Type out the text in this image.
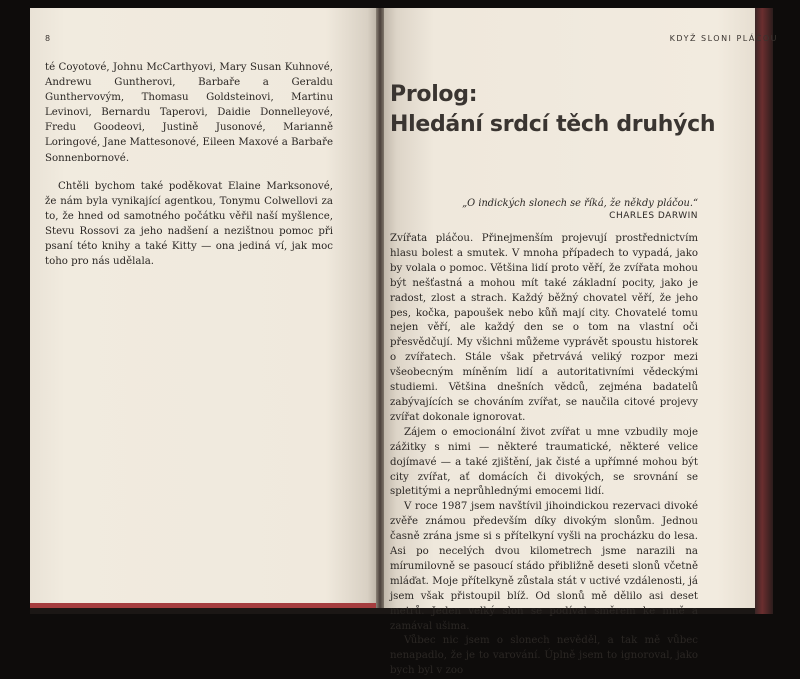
8	KDYŽ SLONI PLÁČOU

té Coyotové, Johnu McCarthyovi, Mary Susan Kuhnové, Andrewu Guntherovi, Barbaře a Geraldu Gunthervovým, Thomasu Goldsteinovi, Martinu Levinovi, Bernardu Taperovi, Daidie Donnelleyové, Fredu Goodeovi, Justině Jusonové, Marianně Loringové, Jane Mattesonové, Eileen Maxové a Barbaře Sonnenbornové.

Chtěli bychom také poděkovat Elaine Marksonové, že nám byla vynikající agentkou, Tonymu Colwellovi za to, že hned od samotného počátku věřil naší myšlence, Stevu Rossovi za jeho nadšení a nezištnou pomoc při psaní této knihy a také Kitty — ona jediná ví, jak moc toho pro nás udělala.

Prolog:
Hledání srdcí těch druhých
„O indických slonech se říká, že někdy pláčou.“
CHARLES DARWIN

Zvířata pláčou. Přinejmenším projevují prostřednictvím hlasu bolest a smutek. V mnoha případech to vypadá, jako by volala o pomoc. Většina lidí proto věří, že zvířata mohou být nešťastná a mohou mít také základní pocity, jako je radost, zlost a strach. Každý běžný chovatel věří, že jeho pes, kočka, papoušek nebo kůň mají city. Chovatelé tomu nejen věří, ale každý den se o tom na vlastní oči přesvědčují. My všichni můžeme vyprávět spoustu historek o zvířatech. Stále však přetrvává veliký rozpor mezi všeobecným míněním lidí a autoritativními vědeckými studiemi. Většina dnešních vědců, zejména badatelů zabývajících se chováním zvířat, se naučila citové projevy zvířat dokonale ignorovat.

Zájem o emocionální život zvířat u mne vzbudily moje zážitky s nimi — některé traumatické, některé velice dojímavé — a také zjištění, jak čisté a upřímné mohou být city zvířat, ať domácích či divokých, se srovnání se spletitými a neprůhlednými emocemi lidí.

V roce 1987 jsem navštívil jihoindickou rezervaci divoké zvěře známou především díky divokým slonům. Jednou časně zrána jsme si s přítelkyní vyšli na procházku do lesa. Asi po necelých dvou kilometrech jsme narazili na mírumilovně se pasoucí stádo přibližně deseti slonů včetně mláďat. Moje přítelkyně zůstala stát v uctivé vzdálenosti, já jsem však přistoupil blíž. Od slonů mě dělilo asi deset metrů. Jeden velký slon se podíval směrem ke mně a zamával ušima.

Vůbec nic jsem o slonech nevěděl, a tak mě vůbec nenapadlo, že je to varování. Úplně jsem to ignoroval, jako bych byl v zoo
